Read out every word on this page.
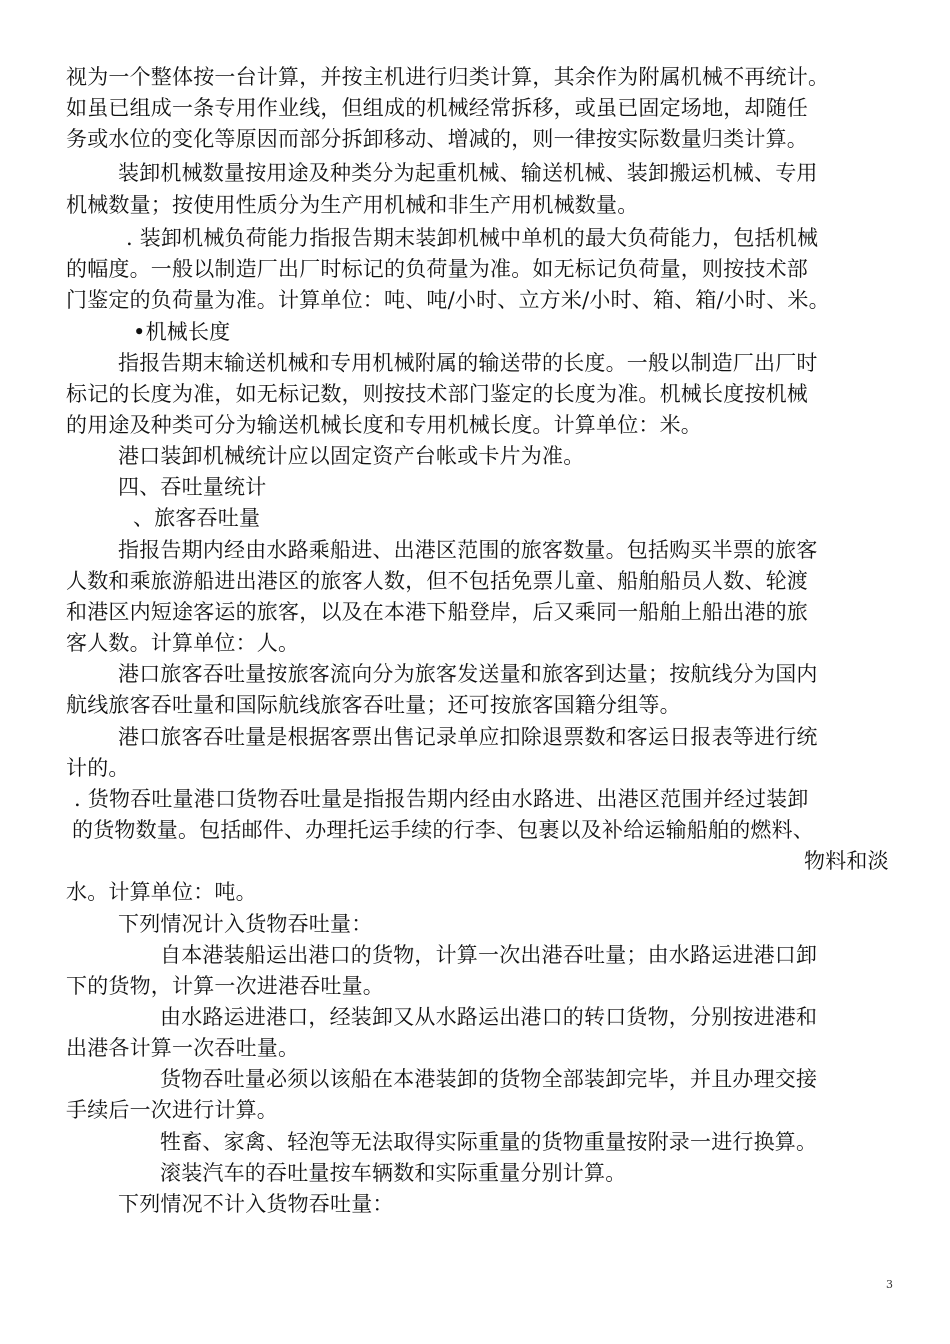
视为一个整体按一台计算，并按主机进行归类计算，其余作为附属机械不再统计。
如虽已组成一条专用作业线，但组成的机械经常拆移，或虽已固定场地，却随任
务或水位的变化等原因而部分拆卸移动、增减的，则一律按实际数量归类计算。
装卸机械数量按用途及种类分为起重机械、输送机械、装卸搬运机械、专用
机械数量；按使用性质分为生产用机械和非生产用机械数量。
. 装卸机械负荷能力指报告期末装卸机械中单机的最大负荷能力，包括机械
的幅度。一般以制造厂出厂时标记的负荷量为准。如无标记负荷量，则按技术部
门鉴定的负荷量为准。计算单位：吨、吨/小时、立方米/小时、箱、箱/小时、米。
•机械长度
指报告期末输送机械和专用机械附属的输送带的长度。一般以制造厂出厂时
标记的长度为准，如无标记数，则按技术部门鉴定的长度为准。机械长度按机械
的用途及种类可分为输送机械长度和专用机械长度。计算单位：米。
港口装卸机械统计应以固定资产台帐或卡片为准。
四、吞吐量统计
、旅客吞吐量
指报告期内经由水路乘船进、出港区范围的旅客数量。包括购买半票的旅客
人数和乘旅游船进出港区的旅客人数，但不包括免票儿童、船舶船员人数、轮渡
和港区内短途客运的旅客，以及在本港下船登岸，后又乘同一船舶上船出港的旅
客人数。计算单位：人。
港口旅客吞吐量按旅客流向分为旅客发送量和旅客到达量；按航线分为国内
航线旅客吞吐量和国际航线旅客吞吐量；还可按旅客国籍分组等。
港口旅客吞吐量是根据客票出售记录单应扣除退票数和客运日报表等进行统
计的。
. 货物吞吐量港口货物吞吐量是指报告期内经由水路进、出港区范围并经过装卸
的货物数量。包括邮件、办理托运手续的行李、包裹以及补给运输船舶的燃料、
物料和淡
水。计算单位：吨。
下列情况计入货物吞吐量：
自本港装船运出港口的货物，计算一次出港吞吐量；由水路运进港口卸
下的货物，计算一次进港吞吐量。
由水路运进港口，经装卸又从水路运出港口的转口货物，分别按进港和
出港各计算一次吞吐量。
货物吞吐量必须以该船在本港装卸的货物全部装卸完毕，并且办理交接
手续后一次进行计算。
牲畜、家禽、轻泡等无法取得实际重量的货物重量按附录一进行换算。
滚装汽车的吞吐量按车辆数和实际重量分别计算。
下列情况不计入货物吞吐量：
3
